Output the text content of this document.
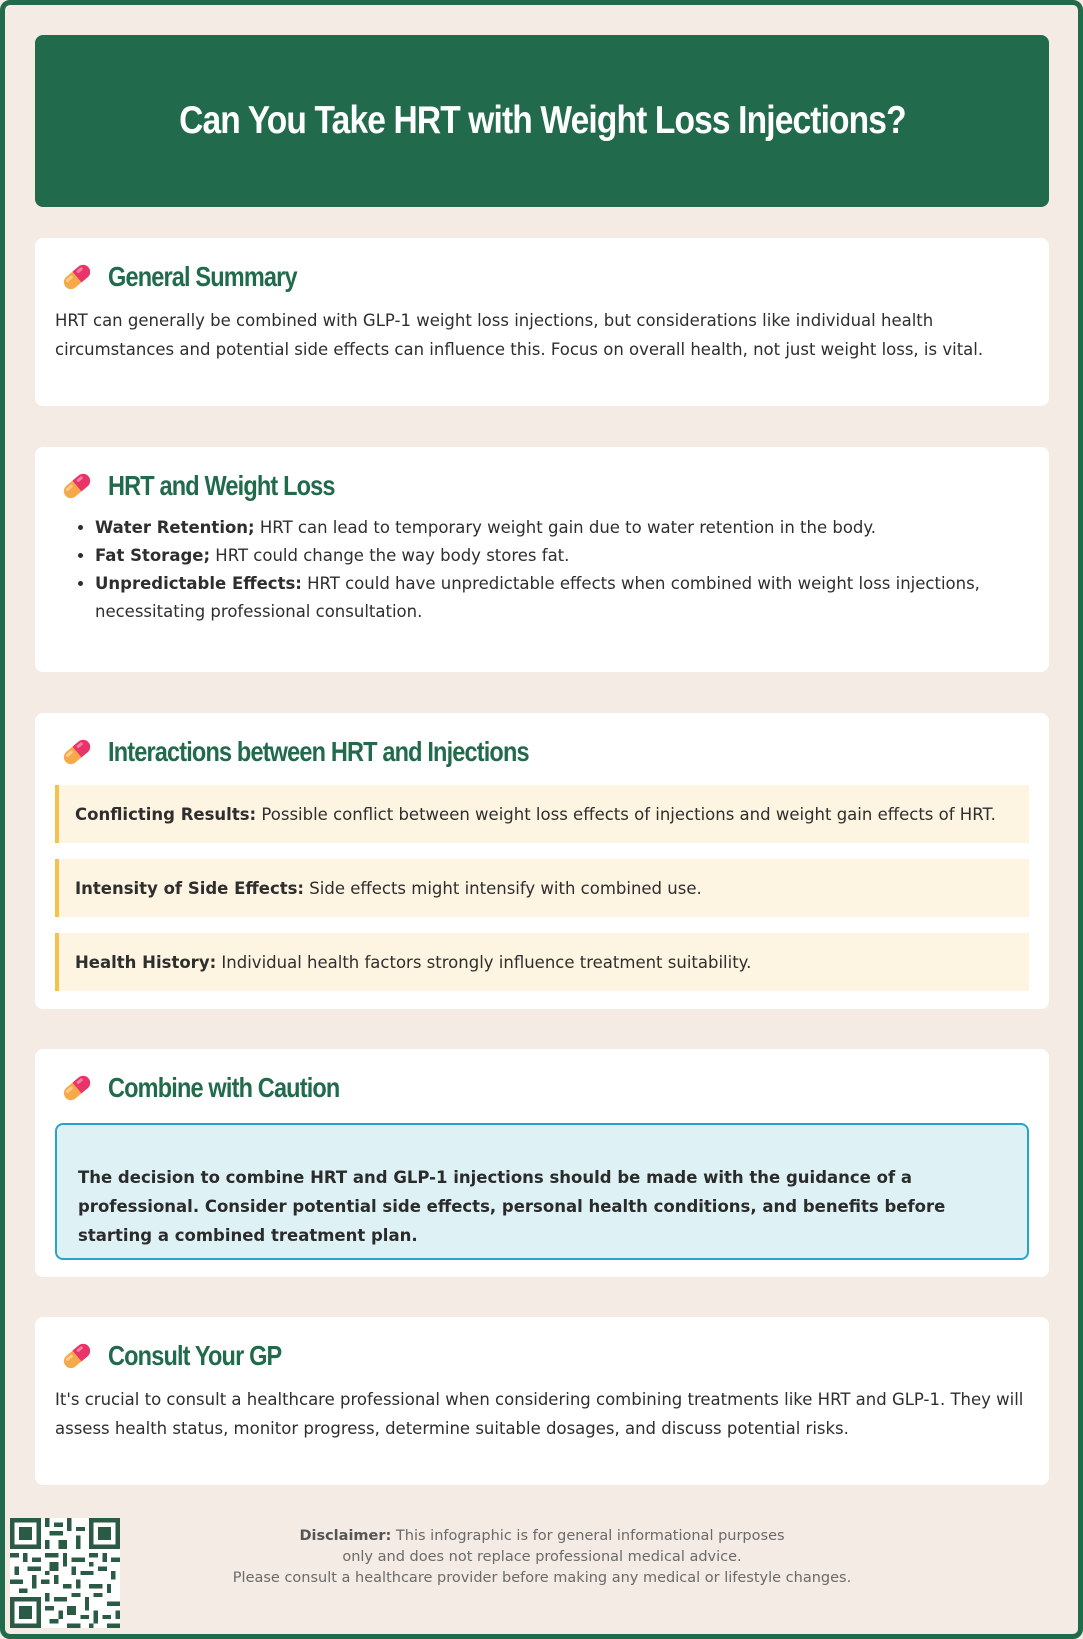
Can You Take HRT with Weight Loss Injections?
General Summary

HRT can generally be combined with GLP-1 weight loss injections, but considerations like individual health circumstances and potential side effects can influence this. Focus on overall health, not just weight loss, is vital.

HRT and Weight Loss
• Water Retention; HRT can lead to temporary weight gain due to water retention in the body.
• Fat Storage; HRT could change the way body stores fat.
• Unpredictable Effects: HRT could have unpredictable effects when combined with weight loss injections, necessitating professional consultation.
Interactions between HRT and Injections
Conflicting Results: Possible conflict between weight loss effects of injections and weight gain effects of HRT.
Intensity of Side Effects: Side effects might intensify with combined use.
Health History: Individual health factors strongly influence treatment suitability.
Combine with Caution
The decision to combine HRT and GLP-1 injections should be made with the guidance of a professional. Consider potential side effects, personal health conditions, and benefits before starting a combined treatment plan.
Consult Your GP

It's crucial to consult a healthcare professional when considering combining treatments like HRT and GLP-1. They will assess health status, monitor progress, determine suitable dosages, and discuss potential risks.

Disclaimer: This infographic is for general informational purposes
only and does not replace professional medical advice.
Please consult a healthcare provider before making any medical or lifestyle changes.
